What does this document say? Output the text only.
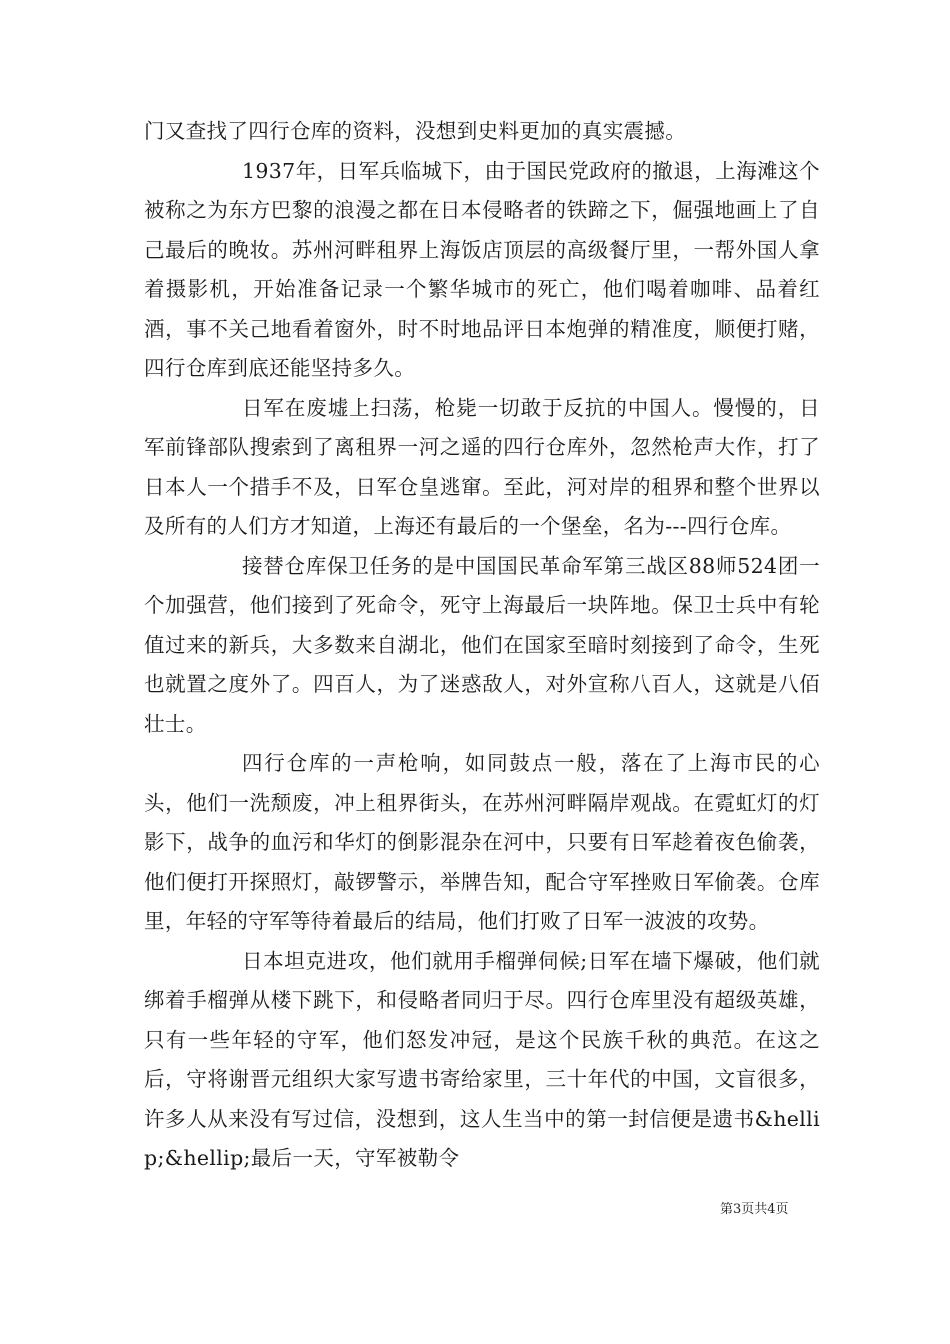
门又查找了四行仓库的资料，没想到史料更加的真实震撼。

1937年，日军兵临城下，由于国民党政府的撤退，上海滩这个被称之为东方巴黎的浪漫之都在日本侵略者的铁蹄之下，倔强地画上了自己最后的晚妆。苏州河畔租界上海饭店顶层的高级餐厅里，一帮外国人拿着摄影机，开始准备记录一个繁华城市的死亡，他们喝着咖啡、品着红酒，事不关己地看着窗外，时不时地品评日本炮弹的精准度，顺便打赌，四行仓库到底还能坚持多久。

日军在废墟上扫荡，枪毙一切敢于反抗的中国人。慢慢的，日军前锋部队搜索到了离租界一河之遥的四行仓库外，忽然枪声大作，打了日本人一个措手不及，日军仓皇逃窜。至此，河对岸的租界和整个世界以及所有的人们方才知道，上海还有最后的一个堡垒，名为---四行仓库。

接替仓库保卫任务的是中国国民革命军第三战区88师524团一个加强营，他们接到了死命令，死守上海最后一块阵地。保卫士兵中有轮值过来的新兵，大多数来自湖北，他们在国家至暗时刻接到了命令，生死也就置之度外了。四百人，为了迷惑敌人，对外宣称八百人，这就是八佰壮士。

四行仓库的一声枪响，如同鼓点一般，落在了上海市民的心头，他们一洗颓废，冲上租界街头，在苏州河畔隔岸观战。在霓虹灯的灯影下，战争的血污和华灯的倒影混杂在河中，只要有日军趁着夜色偷袭，他们便打开探照灯，敲锣警示，举牌告知，配合守军挫败日军偷袭。仓库里，年轻的守军等待着最后的结局，他们打败了日军一波波的攻势。

日本坦克进攻，他们就用手榴弹伺候;日军在墙下爆破，他们就绑着手榴弹从楼下跳下，和侵略者同归于尽。四行仓库里没有超级英雄，只有一些年轻的守军，他们怒发冲冠，是这个民族千秋的典范。在这之后，守将谢晋元组织大家写遗书寄给家里，三十年代的中国，文盲很多，许多人从来没有写过信，没想到，这人生当中的第一封信便是遗书&hellip;&hellip;最后一天，守军被勒令

第3页共4页
